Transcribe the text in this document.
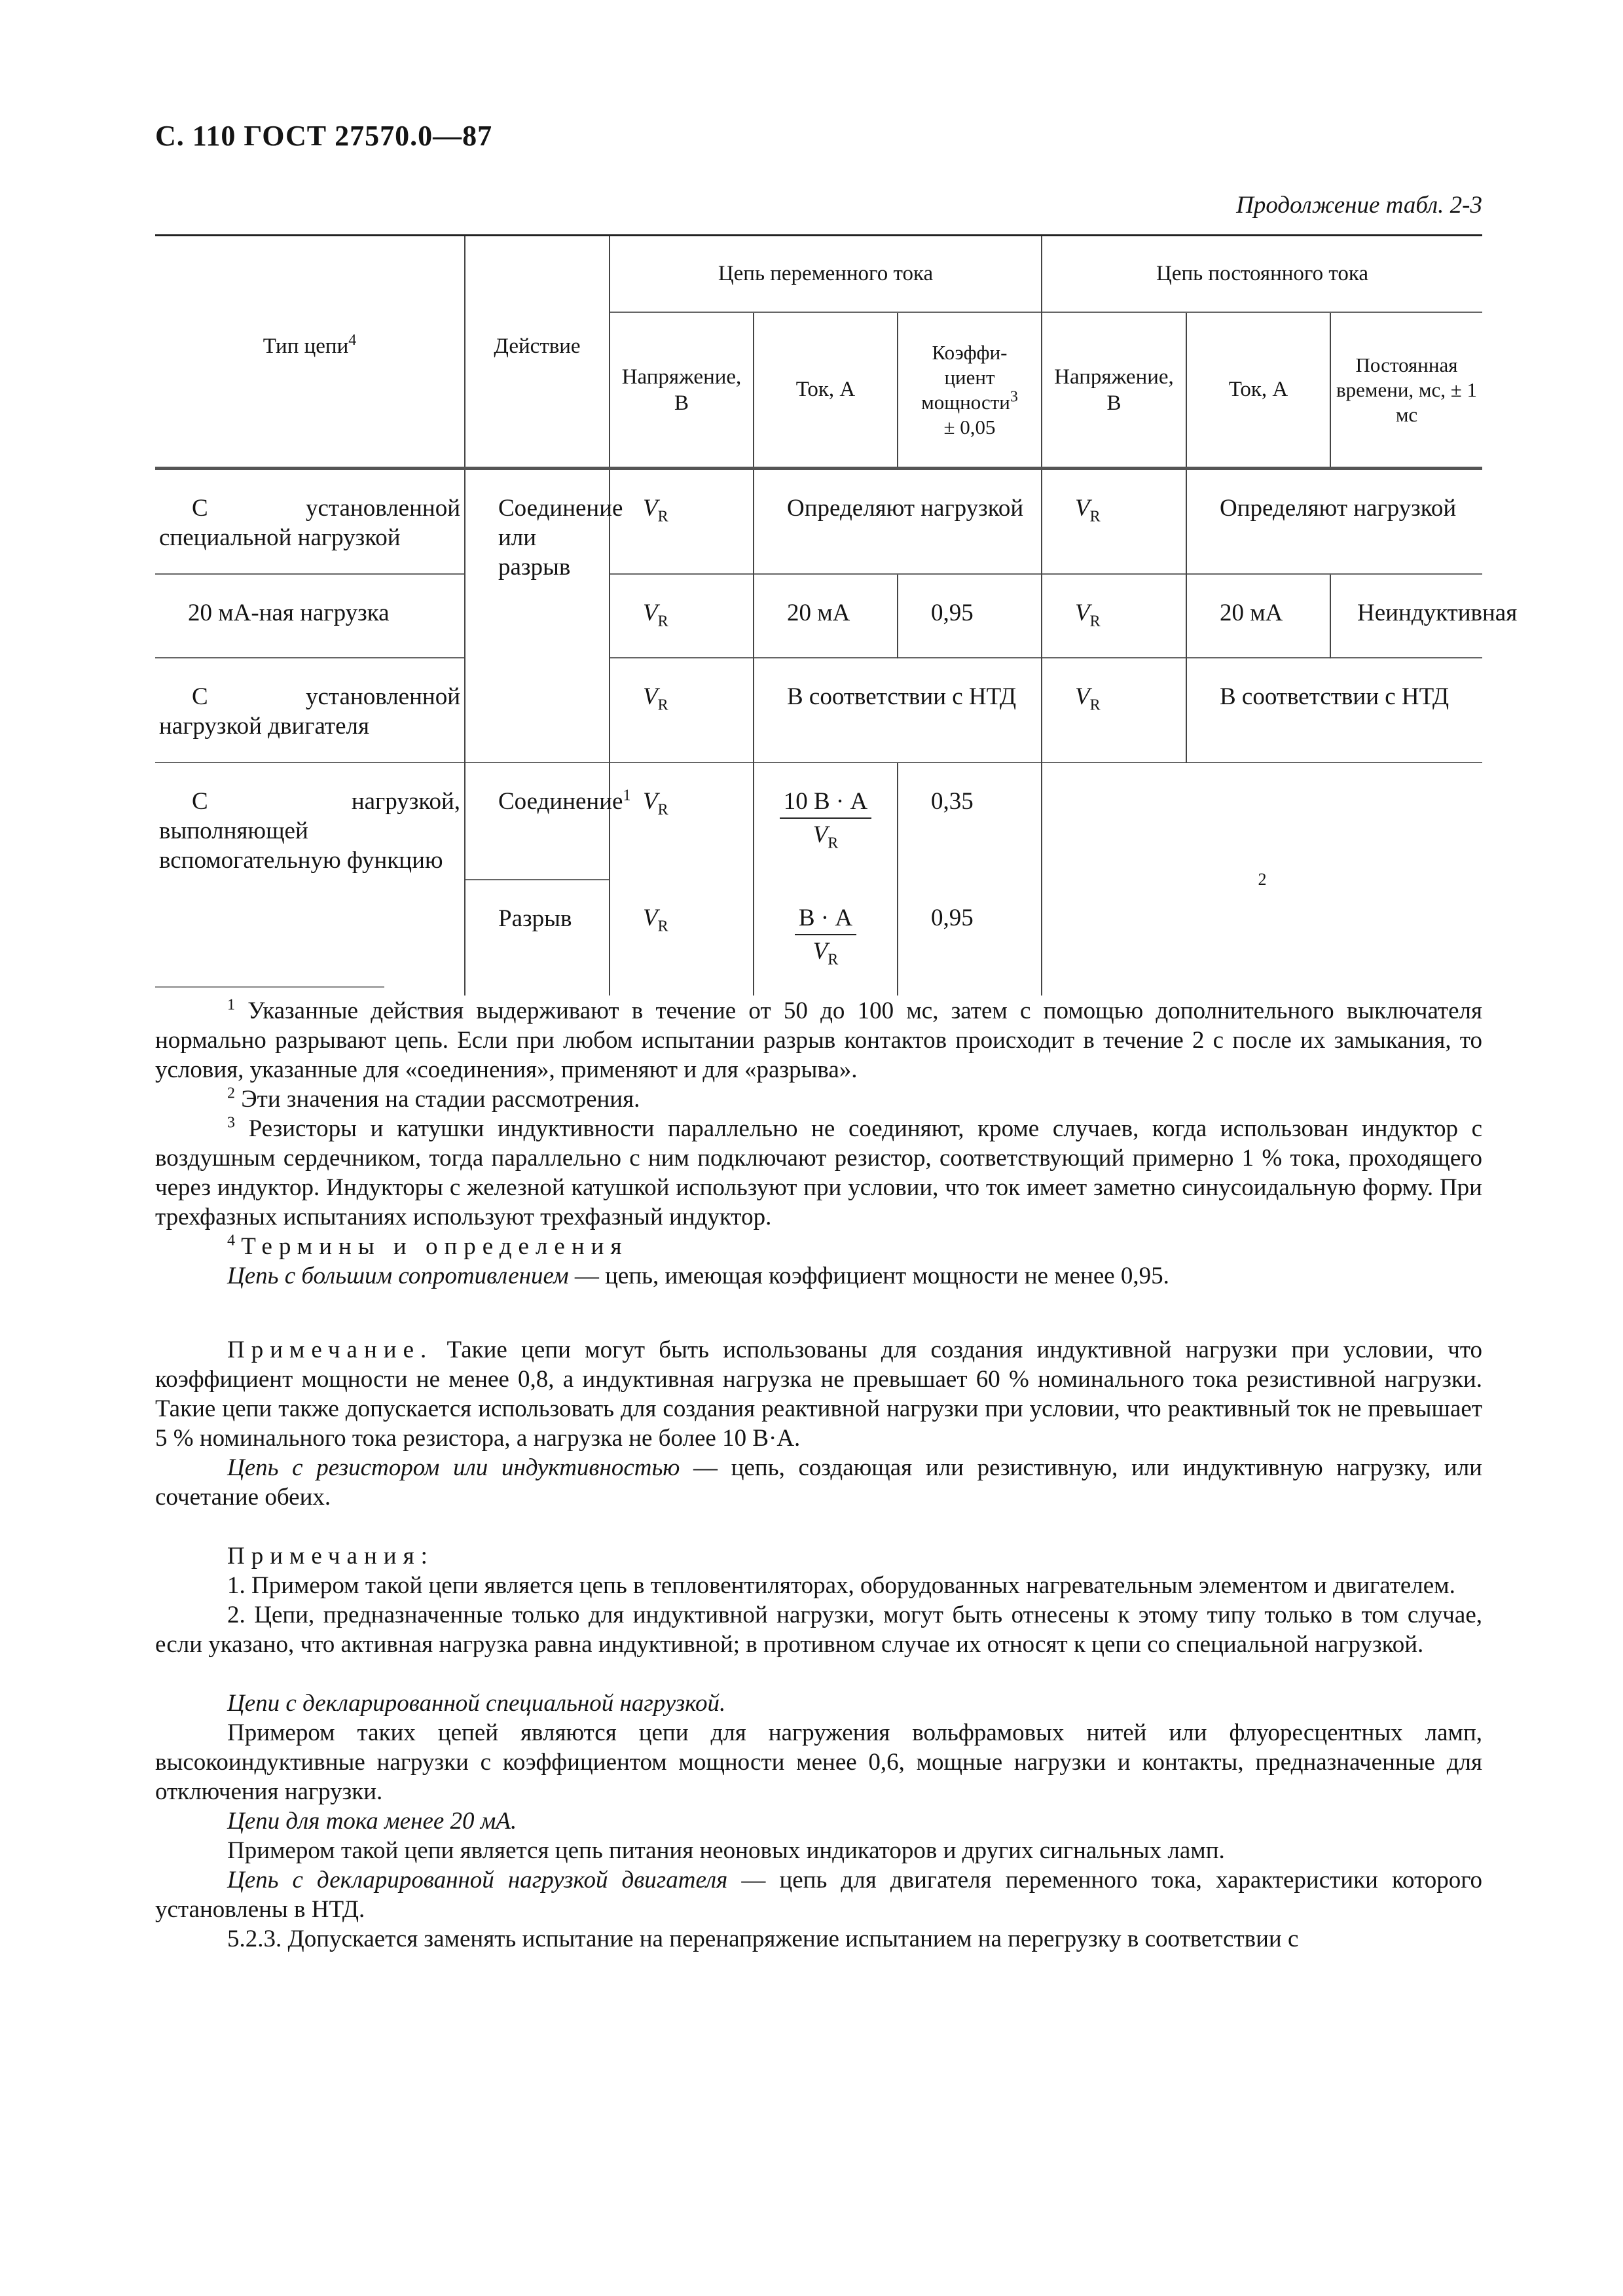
С. 110 ГОСТ 27570.0—87
Продолжение табл. 2-3
Тип цепи$^4$	Действие	Цепь переменного тока			Цепь постоянного тока		
		Напряжение, В	Ток, А	Коэффи-
циент
мощности$^3$
± 0,05	Напряжение, В	Ток, А	Постоянная времени, мс, ± 1 мс
С установленной специальной нагрузкой	Соединение или разрыв	$V_R$	Определяют нагрузкой		$V_R$	Определяют нагрузкой	
20 мА-ная нагрузка		$V_R$	20 мА	0,95	$V_R$	20 мА	Неиндуктивная
С установленной нагрузкой двигателя		$V_R$	В соответствии с НТД		$V_R$	В соответствии с НТД	
С нагрузкой, выполняющей вспомогательную функцию	Соединение$^1$	$V_R$	$\frac{10 В \cdot А}{V_R}$	0,35	2		
	Разрыв	$V_R$	$\frac{В \cdot А}{V_R}$	0,95			

$^1$ Указанные действия выдерживают в течение от 50 до 100 мс, затем с помощью дополнительного выключателя нормально разрывают цепь. Если при любом испытании разрыв контактов происходит в течение 2 с после их замыкания, то условия, указанные для «соединения», применяют и для «разрыва».

$^2$ Эти значения на стадии рассмотрения.

$^3$ Резисторы и катушки индуктивности параллельно не соединяют, кроме случаев, когда использован индуктор с воздушным сердечником, тогда параллельно с ним подключают резистор, соответствующий примерно 1 % тока, проходящего через индуктор. Индукторы с железной катушкой используют при условии, что ток имеет заметно синусоидальную форму. При трехфазных испытаниях используют трехфазный индуктор.

$^4$ Термины и определения

Цепь с большим сопротивлением — цепь, имеющая коэффициент мощности не менее 0,95.

Примечание. Такие цепи могут быть использованы для создания индуктивной нагрузки при условии, что коэффициент мощности не менее 0,8, а индуктивная нагрузка не превышает 60 % номинального тока резистивной нагрузки. Такие цепи также допускается использовать для создания реактивной нагрузки при условии, что реактивный ток не превышает 5 % номинального тока резистора, а нагрузка не более 10 В·А.

Цепь с резистором или индуктивностью — цепь, создающая или резистивную, или индуктивную нагрузку, или сочетание обеих.

Примечания:

1. Примером такой цепи является цепь в тепловентиляторах, оборудованных нагревательным элементом и двигателем.

2. Цепи, предназначенные только для индуктивной нагрузки, могут быть отнесены к этому типу только в том случае, если указано, что активная нагрузка равна индуктивной; в противном случае их относят к цепи со специальной нагрузкой.

Цепи с декларированной специальной нагрузкой.

Примером таких цепей являются цепи для нагружения вольфрамовых нитей или флуоресцентных ламп, высокоиндуктивные нагрузки с коэффициентом мощности менее 0,6, мощные нагрузки и контакты, предназначенные для отключения нагрузки.

Цепи для тока менее 20 мА.

Примером такой цепи является цепь питания неоновых индикаторов и других сигнальных ламп.

Цепь с декларированной нагрузкой двигателя — цепь для двигателя переменного тока, характеристики которого установлены в НТД.

5.2.3. Допускается заменять испытание на перенапряжение испытанием на перегрузку в соответствии с
